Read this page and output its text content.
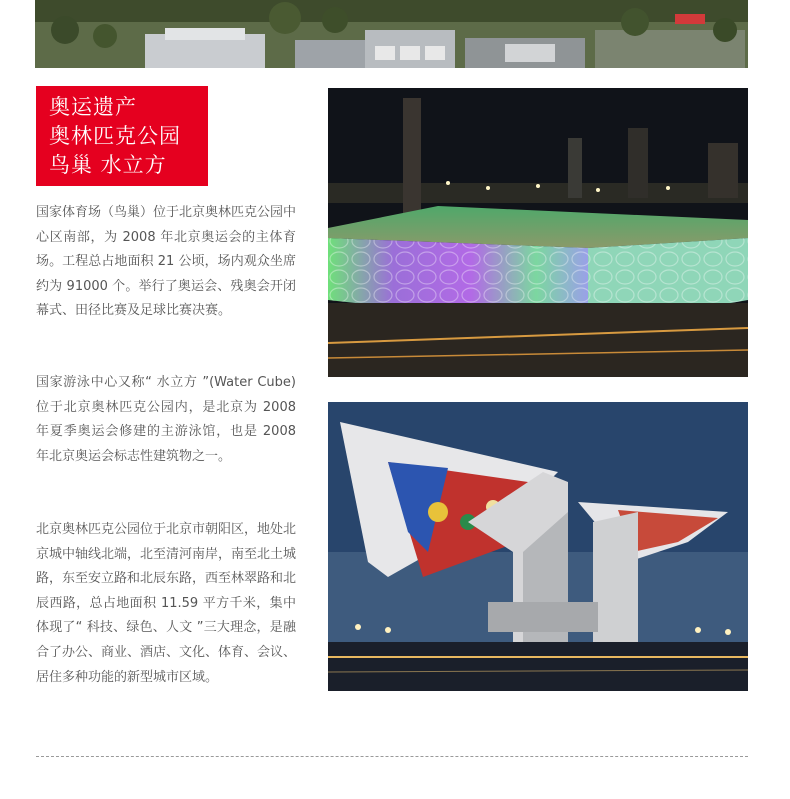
奥运遗产
奥林匹克公园
鸟巢 水立方

国家体育场（鸟巢）位于北京奥林匹克公园中心区南部，为 2008 年北京奥运会的主体育场。工程总占地面积 21 公顷，场内观众坐席约为 91000 个。举行了奥运会、残奥会开闭幕式、田径比赛及足球比赛决赛。

国家游泳中心又称“ 水立方 ”(Water Cube) 位于北京奥林匹克公园内，是北京为 2008 年夏季奥运会修建的主游泳馆，也是 2008 年北京奥运会标志性建筑物之一。

北京奥林匹克公园位于北京市朝阳区，地处北京城中轴线北端，北至清河南岸，南至北土城路，东至安立路和北辰东路，西至林翠路和北辰西路，总占地面积 11.59 平方千米，集中体现了“ 科技、绿色、人文 ”三大理念，是融合了办公、商业、酒店、文化、体育、会议、居住多种功能的新型城市区域。
